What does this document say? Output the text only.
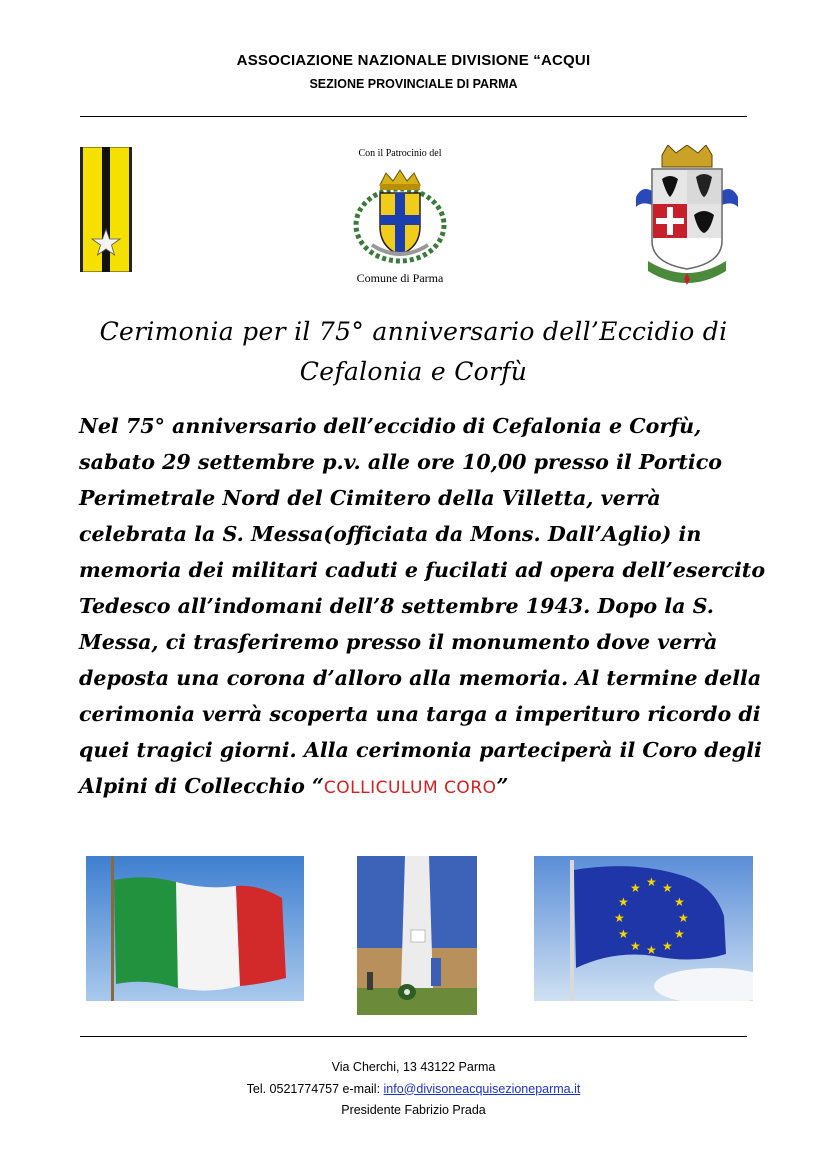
ASSOCIAZIONE NAZIONALE DIVISIONE “ACQUI
SEZIONE PROVINCIALE DI PARMA
Con il Patrocinio del
Comune di Parma
Cerimonia per il 75° anniversario dell’Eccidio di
Cefalonia e Corfù
Nel 75° anniversario dell’eccidio di Cefalonia e Corfù, sabato 29 settembre p.v. alle ore 10,00 presso il Portico Perimetrale Nord del Cimitero della Villetta, verrà celebrata la S. Messa(officiata da Mons. Dall’Aglio) in memoria dei militari caduti e fucilati ad opera dell’esercito Tedesco all’indomani dell’8 settembre 1943. Dopo la S. Messa, ci trasferiremo presso il monumento dove verrà deposta una corona d’alloro alla memoria. Al termine della cerimonia verrà scoperta una targa a imperituro ricordo di quei tragici giorni. Alla cerimonia parteciperà il Coro degli Alpini di Collecchio “COLLICULUM CORO”
★ ★
★
★
★
★
★
★
★
★
★
★
Via Cherchi, 13 43122 Parma
Tel. 0521774757 e-mail: info@divisoneacquisezioneparma.it
Presidente Fabrizio Prada
